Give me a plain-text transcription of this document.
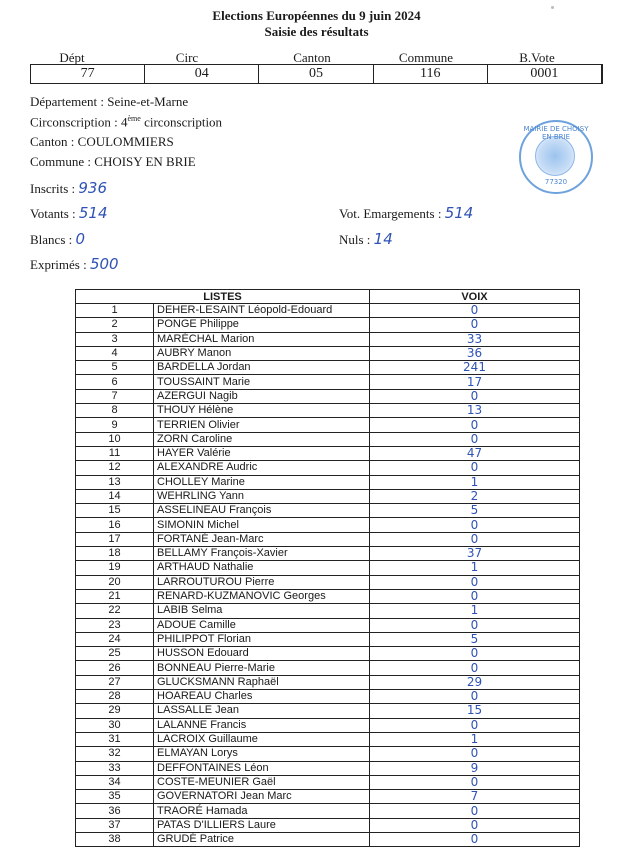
Elections Européennes du 9 juin 2024
Saisie des résultats
Dépt	Circ	Canton	Commune	B.Vote
77	04	05	116	0001
Département : Seine-et-Marne
Circonscription : 4ème circonscription
Canton : COULOMMIERS
Commune : CHOISY EN BRIE
Inscrits : 936
Votants : 514	Vot. Emargements : 514
Blancs : 0	Nuls : 14
Exprimés : 500
MAIRIE DE CHOISY EN BRIE
77320
LISTES		VOIX
1	DEHER-LESAINT Léopold-Edouard	0
2	PONGE Philippe	0
3	MARÉCHAL Marion	33
4	AUBRY Manon	36
5	BARDELLA Jordan	241
6	TOUSSAINT Marie	17
7	AZERGUI Nagib	0
8	THOUY Hélène	13
9	TERRIEN Olivier	0
10	ZORN Caroline	0
11	HAYER Valérie	47
12	ALEXANDRE Audric	0
13	CHOLLEY Marine	1
14	WEHRLING Yann	2
15	ASSELINEAU François	5
16	SIMONIN Michel	0
17	FORTANÉ Jean-Marc	0
18	BELLAMY François-Xavier	37
19	ARTHAUD Nathalie	1
20	LARROUTUROU Pierre	0
21	RENARD-KUZMANOVIC Georges	0
22	LABIB Selma	1
23	ADOUE Camille	0
24	PHILIPPOT Florian	5
25	HUSSON Edouard	0
26	BONNEAU Pierre-Marie	0
27	GLUCKSMANN Raphaël	29
28	HOAREAU Charles	0
29	LASSALLE Jean	15
30	LALANNE Francis	0
31	LACROIX Guillaume	1
32	ELMAYAN Lorys	0
33	DEFFONTAINES Léon	9
34	COSTE-MEUNIER Gaël	0
35	GOVERNATORI Jean Marc	7
36	TRAORÉ Hamada	0
37	PATAS D'ILLIERS Laure	0
38	GRUDÉ Patrice	0
